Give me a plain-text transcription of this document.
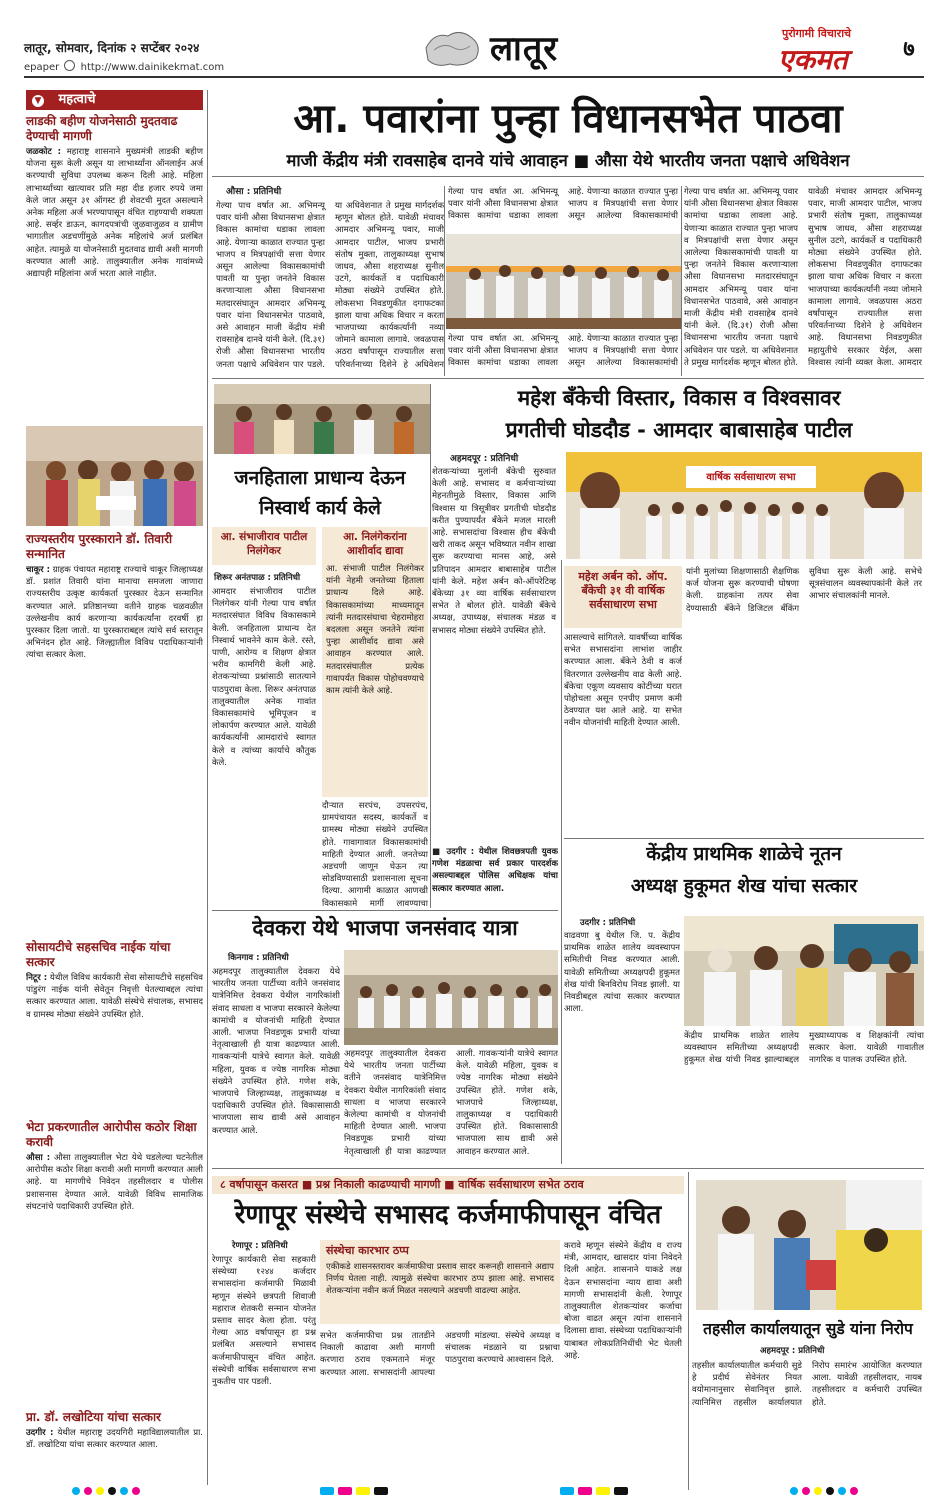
लातूर, सोमवार, दिनांक २ सप्टेंबर २०२४
epaper http://www.dainikekmat.com	लातूर	पुरोगामी विचाराचे
एकमत	७
▼ महत्वाचे
लाडकी बहीण योजनेसाठी मुदतवाढ देण्याची मागणी
जळकोट : महाराष्ट्र शासनाने मुख्यमंत्री लाडकी बहीण योजना सुरू केली असून या लाभार्थ्यांना ऑनलाईन अर्ज करण्याची सुविधा उपलब्ध करून दिली आहे. महिला लाभार्थ्यांच्या खात्यावर प्रति महा दीड हजार रुपये जमा केले जात असून ३१ ऑगस्ट ही शेवटची मुदत असल्याने अनेक महिला अर्ज भरण्यापासून वंचित राहण्याची शक्यता आहे. सर्व्हर डाऊन, कागदपत्रांची जुळवाजुळव व ग्रामीण भागातील अडचणींमुळे अनेक महिलांचे अर्ज प्रलंबित आहेत. त्यामुळे या योजनेसाठी मुदतवाढ द्यावी अशी मागणी करण्यात आली आहे. तालुक्यातील अनेक गावांमध्ये अद्यापही महिलांना अर्ज भरता आले नाहीत.
राज्यस्तरीय पुरस्काराने डॉ. तिवारी सन्मानित
चाकूर : ग्राहक पंचायत महाराष्ट्र राज्याचे चाकूर जिल्हाध्यक्ष डॉ. प्रशांत तिवारी यांना मानाचा समजला जाणारा राज्यस्तरीय उत्कृष्ट कार्यकर्ता पुरस्कार देऊन सन्मानित करण्यात आले. प्रतिष्ठानच्या वतीने ग्राहक चळवळीत उल्लेखनीय कार्य करणाऱ्या कार्यकर्त्यांना दरवर्षी हा पुरस्कार दिला जातो. या पुरस्काराबद्दल त्यांचे सर्व स्तरातून अभिनंदन होत आहे. जिल्ह्यातील विविध पदाधिकाऱ्यांनी त्यांचा सत्कार केला.
सोसायटीचे सहसचिव नाईक यांचा सत्कार
निटूर : येथील विविध कार्यकारी सेवा सोसायटीचे सहसचिव पांडुरंग नाईक यांनी सेवेतून निवृत्ती घेतल्याबद्दल त्यांचा सत्कार करण्यात आला. यावेळी संस्थेचे संचालक, सभासद व ग्रामस्थ मोठ्या संख्येने उपस्थित होते.
भेटा प्रकरणातील आरोपीस कठोर शिक्षा करावी
औसा : औसा तालुक्यातील भेटा येथे घडलेल्या घटनेतील आरोपीस कठोर शिक्षा करावी अशी मागणी करण्यात आली आहे. या मागणीचे निवेदन तहसीलदार व पोलीस प्रशासनास देण्यात आले. यावेळी विविध सामाजिक संघटनांचे पदाधिकारी उपस्थित होते.
प्रा. डॉ. लखोटिया यांचा सत्कार
उदगीर : येथील महाराष्ट्र उदयगिरी महाविद्यालयातील प्रा. डॉ. लखोटिया यांचा सत्कार करण्यात आला.
आ. पवारांना पुन्हा विधानसभेत पाठवा
माजी केंद्रीय मंत्री रावसाहेब दानवे यांचे आवाहन ■ औसा येथे भारतीय जनता पक्षाचे अधिवेशन
औसा : प्रतिनिधी
गेल्या पाच वर्षात आ. अभिमन्यू पवार यांनी औसा विधानसभा क्षेत्रात विकास कामांचा धडाका लावला आहे. येणाऱ्या काळात राज्यात पुन्हा भाजप व मित्रपक्षांची सत्ता येणार असून आलेल्या विकासकामांची पावती या पुन्हा जनतेने विकास करणाऱ्याला औसा विधानसभा मतदारसंघातून आमदार अभिमन्यू पवार यांना विधानसभेत पाठवावे, असे आवाहन माजी केंद्रीय मंत्री रावसाहेब दानवे यांनी केले. (दि.३१) रोजी औसा विधानसभा भारतीय जनता पक्षाचे अधिवेशन पार पडले. या अधिवेशनात ते प्रमुख मार्गदर्शक म्हणून बोलत होते. यावेळी मंचावर आमदार अभिमन्यू पवार, माजी आमदार पाटील, भाजप प्रभारी संतोष मुक्ता, तालुकाध्यक्ष सुभाष जाधव, औसा शहराध्यक्ष सुनील उटगे, कार्यकर्ते व पदाधिकारी मोठ्या संख्येने उपस्थित होते. लोकसभा निवडणुकीत दगाफटका झाला याचा अधिक विचार न करता भाजपाच्या कार्यकर्त्यांनी नव्या जोमाने कामाला लागावे. जवळपास अठरा वर्षांपासून राज्यातील सत्ता परिवर्तनाच्या दिशेने हे अधिवेशन
गेल्या पाच वर्षात आ. अभिमन्यू पवार यांनी औसा विधानसभा क्षेत्रात विकास कामांचा धडाका लावला आहे. येणाऱ्या काळात राज्यात पुन्हा भाजप व मित्रपक्षांची सत्ता येणार असून आलेल्या विकासकामांची
गेल्या पाच वर्षात आ. अभिमन्यू पवार यांनी औसा विधानसभा क्षेत्रात विकास कामांचा धडाका लावला आहे. येणाऱ्या काळात राज्यात पुन्हा भाजप व मित्रपक्षांची सत्ता येणार असून आलेल्या विकासकामांची
गेल्या पाच वर्षात आ. अभिमन्यू पवार यांनी औसा विधानसभा क्षेत्रात विकास कामांचा धडाका लावला आहे. येणाऱ्या काळात राज्यात पुन्हा भाजप व मित्रपक्षांची सत्ता येणार असून आलेल्या विकासकामांची पावती या पुन्हा जनतेने विकास करणाऱ्याला औसा विधानसभा मतदारसंघातून आमदार अभिमन्यू पवार यांना विधानसभेत पाठवावे, असे आवाहन माजी केंद्रीय मंत्री रावसाहेब दानवे यांनी केले. (दि.३१) रोजी औसा विधानसभा भारतीय जनता पक्षाचे अधिवेशन पार पडले. या अधिवेशनात ते प्रमुख मार्गदर्शक म्हणून बोलत होते. यावेळी मंचावर आमदार अभिमन्यू पवार, माजी आमदार पाटील, भाजप प्रभारी संतोष मुक्ता, तालुकाध्यक्ष सुभाष जाधव, औसा शहराध्यक्ष सुनील उटगे, कार्यकर्ते व पदाधिकारी मोठ्या संख्येने उपस्थित होते. लोकसभा निवडणुकीत दगाफटका झाला याचा अधिक विचार न करता भाजपाच्या कार्यकर्त्यांनी नव्या जोमाने कामाला लागावे. जवळपास अठरा वर्षांपासून राज्यातील सत्ता परिवर्तनाच्या दिशेने हे अधिवेशन आहे. विधानसभा निवडणुकीत महायुतीचे सरकार येईल, असा विश्वास त्यांनी व्यक्त केला. आमदार
महेश बँकेची विस्तार, विकास व विश्वसावर
प्रगतीची घोडदौड - आमदार बाबासाहेब पाटील
अहमदपूर : प्रतिनिधी
शेतकऱ्यांच्या मुलांनी बँकेची सुरुवात केली आहे. सभासद व कर्मचाऱ्यांच्या मेहनतीमुळे विस्तार, विकास आणि विश्वास या त्रिसूत्रीवर प्रगतीची घोडदौड करीत पुण्यापर्यंत बँकेने मजल मारली आहे. सभासदांचा विश्वास हीच बँकेची खरी ताकद असून भविष्यात नवीन शाखा सुरू करण्याचा मानस आहे, असे प्रतिपादन आमदार बाबासाहेब पाटील यांनी केले. महेश अर्बन को-ऑपरेटिव्ह बँकेच्या ३१ व्या वार्षिक सर्वसाधारण सभेत ते बोलत होते. यावेळी बँकेचे अध्यक्ष, उपाध्यक्ष, संचालक मंडळ व सभासद मोठ्या संख्येने उपस्थित होते.
वार्षिक सर्वसाधारण सभा
महेश अर्बन को. ऑप. बँकेची ३१ वी वार्षिक सर्वसाधारण सभा
आसल्याचे सांगितले. यावर्षीच्या वार्षिक सभेत सभासदांना लाभांश जाहीर करण्यात आला. बँकेने ठेवी व कर्ज वितरणात उल्लेखनीय वाढ केली आहे. बँकेचा एकूण व्यवसाय कोटींच्या घरात पोहोचला असून एनपीए प्रमाण कमी ठेवण्यात यश आले आहे. या सभेत नवीन योजनांची माहिती देण्यात आली.
यांनी मुलांच्या शिक्षणासाठी शैक्षणिक कर्ज योजना सुरू करण्याची घोषणा केली. ग्राहकांना तत्पर सेवा देण्यासाठी बँकेने डिजिटल बँकिंग सुविधा सुरू केली आहे. सभेचे सूत्रसंचालन व्यवस्थापकांनी केले तर आभार संचालकांनी मानले.
जनहिताला प्राधान्य देऊन
निस्वार्थ कार्य केले
आ. संभाजीराव पाटील निलंगेकर
आ. निलंगेकरांना आशीर्वाद द्यावा
आ. संभाजी पाटील निलंगेकर यांनी नेहमी जनतेच्या हिताला प्राधान्य दिले आहे. विकासकामांच्या माध्यमातून त्यांनी मतदारसंघाचा चेहरामोहरा बदलला असून जनतेने त्यांना पुन्हा आशीर्वाद द्यावा असे आवाहन करण्यात आले. मतदारसंघातील प्रत्येक गावापर्यंत विकास पोहोचवण्याचे काम त्यांनी केले आहे.
शिरूर अनंतपाळ : प्रतिनिधी
आमदार संभाजीराव पाटील निलंगेकर यांनी गेल्या पाच वर्षात मतदारसंघात विविध विकासकामे केली. जनहिताला प्राधान्य देत निस्वार्थ भावनेने काम केले. रस्ते, पाणी, आरोग्य व शिक्षण क्षेत्रात भरीव कामगिरी केली आहे. शेतकऱ्यांच्या प्रश्नांसाठी सातत्याने पाठपुरावा केला. शिरूर अनंतपाळ तालुक्यातील अनेक गावांत विकासकामांचे भूमिपूजन व लोकार्पण करण्यात आले. यावेळी कार्यकर्त्यांनी आमदारांचे स्वागत केले व त्यांच्या कार्याचे कौतुक केले.
दौऱ्यात सरपंच, उपसरपंच, ग्रामपंचायत सदस्य, कार्यकर्ते व ग्रामस्थ मोठ्या संख्येने उपस्थित होते. गावागावात विकासकामांची माहिती देण्यात आली. जनतेच्या अडचणी जाणून घेऊन त्या सोडविण्यासाठी प्रशासनाला सूचना दिल्या. आगामी काळात आणखी विकासकामे मार्गी लावण्याचा
■ उदगीर : येथील शिवछत्रपती युवक गणेश मंडळाचा सर्व प्रकार पारदर्शक असल्याबद्दल पोलिस अधिक्षक यांचा सत्कार करण्यात आला.
केंद्रीय प्राथमिक शाळेचे नूतन
अध्यक्ष हुकूमत शेख यांचा सत्कार
उदगीर : प्रतिनिधी
वाढवणा बु येथील जि. प. केंद्रीय प्राथमिक शाळेत शालेय व्यवस्थापन समितीची निवड करण्यात आली. यावेळी समितीच्या अध्यक्षपदी हुकूमत शेख यांची बिनविरोध निवड झाली. या निवडीबद्दल त्यांचा सत्कार करण्यात आला.
केंद्रीय प्राथमिक शाळेत शालेय व्यवस्थापन समितीच्या अध्यक्षपदी हुकूमत शेख यांची निवड झाल्याबद्दल मुख्याध्यापक व शिक्षकांनी त्यांचा सत्कार केला. यावेळी गावातील नागरिक व पालक उपस्थित होते.
देवकरा येथे भाजपा जनसंवाद यात्रा
किनगाव : प्रतिनिधी
अहमदपूर तालुक्यातील देवकरा येथे भारतीय जनता पार्टीच्या वतीने जनसंवाद यात्रेनिमित्त देवकरा येथील नागरिकांशी संवाद साधला व भाजपा सरकारने केलेल्या कामांची व योजनांची माहिती देण्यात आली. भाजपा निवडणूक प्रभारी यांच्या नेतृत्वाखाली ही यात्रा काढण्यात आली. गावकऱ्यांनी यात्रेचे स्वागत केले. यावेळी महिला, युवक व ज्येष्ठ नागरिक मोठ्या संख्येने उपस्थित होते. गणेश शके, भाजपाचे जिल्हाध्यक्ष, तालुकाध्यक्ष व पदाधिकारी उपस्थित होते. विकासासाठी भाजपाला साथ द्यावी असे आवाहन करण्यात आले.
अहमदपूर तालुक्यातील देवकरा येथे भारतीय जनता पार्टीच्या वतीने जनसंवाद यात्रेनिमित्त देवकरा येथील नागरिकांशी संवाद साधला व भाजपा सरकारने केलेल्या कामांची व योजनांची माहिती देण्यात आली. भाजपा निवडणूक प्रभारी यांच्या नेतृत्वाखाली ही यात्रा काढण्यात आली. गावकऱ्यांनी यात्रेचे स्वागत केले. यावेळी महिला, युवक व ज्येष्ठ नागरिक मोठ्या संख्येने उपस्थित होते. गणेश शके, भाजपाचे जिल्हाध्यक्ष, तालुकाध्यक्ष व पदाधिकारी उपस्थित होते. विकासासाठी भाजपाला साथ द्यावी असे आवाहन करण्यात आले.
८ वर्षापासून कसरत ■ प्रश्न निकाली काढण्याची मागणी ■ वार्षिक सर्वसाधारण सभेत ठराव
रेणापूर संस्थेचे सभासद कर्जमाफीपासून वंचित
रेणापूर : प्रतिनिधी
रेणापूर कार्यकारी सेवा सहकारी संस्थेच्या १२४४ कर्जदार सभासदांना कर्जमाफी मिळावी म्हणून संस्थेने छत्रपती शिवाजी महाराज शेतकरी सन्मान योजनेत प्रस्ताव सादर केला होता. परंतु गेल्या आठ वर्षापासून हा प्रश्न प्रलंबित असल्याने सभासद कर्जमाफीपासून वंचित आहेत. संस्थेची वार्षिक सर्वसाधारण सभा नुकतीच पार पडली.
संस्थेचा कारभार ठप्प
एकीकडे शासनस्तरावर कर्जमाफीचा प्रस्ताव सादर करूनही शासनाने अद्याप निर्णय घेतला नाही. त्यामुळे संस्थेचा कारभार ठप्प झाला आहे. सभासद शेतकऱ्यांना नवीन कर्ज मिळत नसल्याने अडचणी वाढल्या आहेत.
सभेत कर्जमाफीचा प्रश्न तातडीने निकाली काढावा अशी मागणी करणारा ठराव एकमताने मंजूर करण्यात आला. सभासदांनी आपल्या अडचणी मांडल्या. संस्थेचे अध्यक्ष व संचालक मंडळाने या प्रश्नाचा पाठपुरावा करण्याचे आश्वासन दिले.
करावे म्हणून संस्थेने केंद्रीय व राज्य मंत्री, आमदार, खासदार यांना निवेदने दिली आहेत. शासनाने याकडे लक्ष देऊन सभासदांना न्याय द्यावा अशी मागणी सभासदांनी केली. रेणापूर तालुक्यातील शेतकऱ्यांवर कर्जाचा बोजा वाढत असून त्यांना शासनाने दिलासा द्यावा. संस्थेच्या पदाधिकाऱ्यांनी याबाबत लोकप्रतिनिधींची भेट घेतली आहे.
तहसील कार्यालयातून सुडे यांना निरोप
अहमदपूर : प्रतिनिधी
तहसील कार्यालयातील कर्मचारी सुडे हे प्रदीर्घ सेवेनंतर नियत वयोमानानुसार सेवानिवृत्त झाले. त्यानिमित्त तहसील कार्यालयात निरोप समारंभ आयोजित करण्यात आला. यावेळी तहसीलदार, नायब तहसीलदार व कर्मचारी उपस्थित होते.
